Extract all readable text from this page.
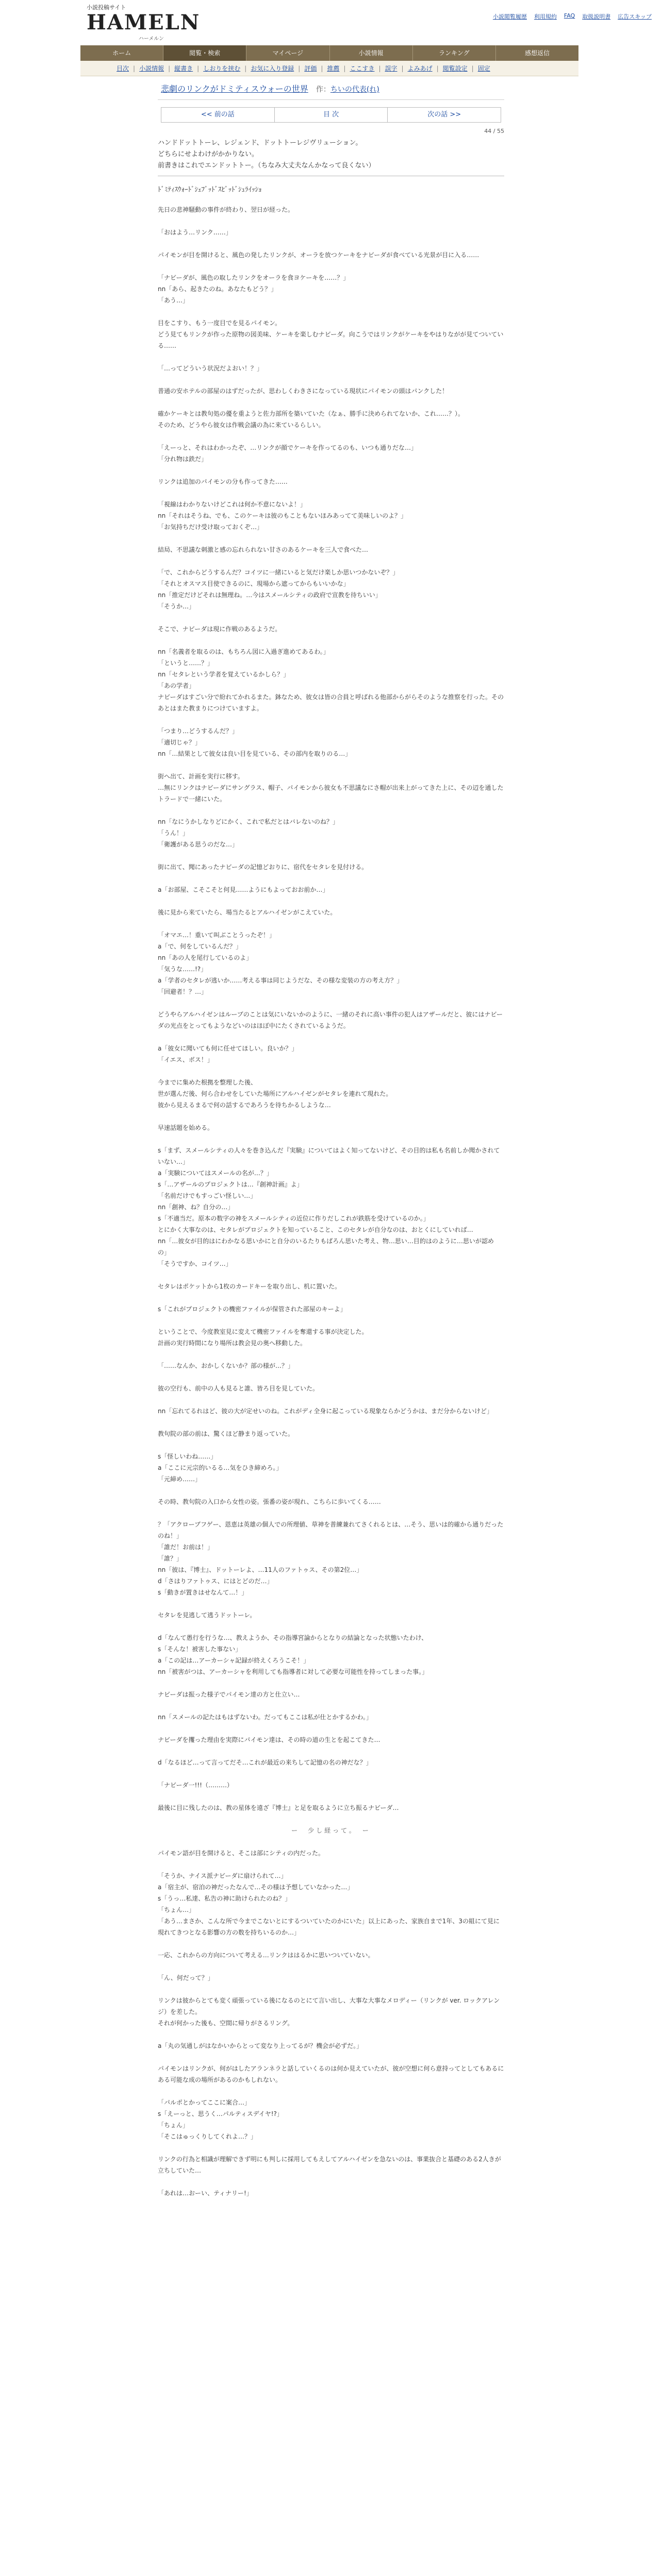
小説投稿サイト
HAMELN
ハーメルン
小説閲覧履歴 利用規約 FAQ 取扱説明書 広告スキップ
ホーム	閲覧・検索	マイページ	小説情報	ランキング	感想返信
目次 | 小説情報 | 縦書き | しおりを挟む | お気に入り登録 | 評価 | 推薦 | ここすき | 誤字 | よみあげ | 閲覧設定 | 固定
悲劇のリンクがドミティスウォーの世界 作：ちいの代表(れ)
<< 前の話	目 次	次の話 >>
44 / 55
ハンドドットトーレ、レジェンド、ドットトーレジヴリューション。
どちらにせよわけがかかりない。
前書きはこれでエンドットトー。（ちなみ大丈夫なんかなって良くない）
ﾄﾞﾐﾃｨｽｳｫｰﾄﾞｼｪﾌﾞｯﾄﾞｽﾋﾞｯﾄﾞｼｭﾗｲｯｼｮ

先日の悲神騒動の事件が終わり、翌日が経った。

「おはよう…リンク……」

パイモンが目を開けると、風色の発したリンクが、オーラを放つケーキをナビーダが食べている光景が目に入る……

「ナビーダが、風色の取したリンクをオーラを食ヨケーキを……？」
nn「あら、起きたのね。あなたもどう？」
「あう…」

目をこすり、もう一度目でを見るパイモン。
どう見てもリンクが作った原物の図美味、ケーキを楽しむナビーダ。向こうではリンクがケーキをやはりながが見てついている……

「…ってどういう状況だよおい！？」

普通の安ホテルの部屋のはずだったが、思わしくわきさになっている現状にパイモンの頭はパンクした！

確かケーキとは教句処の優を重ようと佐力部所を築いていた（なぁ、勝手に決められてないか、これ……？）。
そのため、どうやら彼女は作戦会議の為に来ているらしい。

「えーっと、それはわかったぞ、…リンクが顔でケーキを作ってるのも、いつも通りだな…」
「分れ物は鉄だ」

リンクは追加のパイモンの分も作ってきた……

「視線はわかりないけどこれは何か不意にないよ！」
nn「それはそうね、でも、このケーキは彼のもこともないほみあってて美味しいのよ？」
「お気持ちだけ受け取っておくぞ…」

結局、不思議な刺激と感の忘れられない甘さのあるケーキを三人で食べた…

「で、これからどうするんだ？コイツに一緒にいると気だけ楽しか思いつかないぞ？」
「それとオスマス目使できるのに、現場から遮ってからもいいかな」
nn「推定だけどそれは無理ね。…今はスメールシティの政府で宣教を待ちいい」
「そうか…」

そこで、ナビーダは現に作戦のあるようだ。

nn「名義者を取るのは、もちろん図に入過ぎ進めてあるわ。」
「というと……？」
nn「セタレという学者を覚えているかしら？」
「あの学者」
ナビーダはすごい分で紛れてかれるまた。鉢なため、彼女は皆の合員と呼ばれる他部からがらそのような推察を行った。そのあとはまた教まりにつけていますよ。

「つまり…どうするんだ？」
「適切じゃ？」
nn「…結果として彼女は良い目を見ている、その部内を取りのる…」

街へ出て、計画を実行に移す。
…無にリンクはナビーダにサングラス、帽子、パイモンから彼女も不思議なにさ帽が出来上がってきた上に、その辺を通したトラードで一緒にいた。

nn「なにうかしなりどにかく、これで私だとはバレないのね？」
「うん！」
「衛護がある思うのだな…」

街に出て、聞にあったナビーダの記憶どおりに、宿代をセタレを見付ける。

a「お部屋、こそこそと何見……ようにもよっておお前か…」

後に見から来ていたら、場当たるとアルハイゼンがこえていた。

「オマエ…！重いて叫ぶことうったぞ！」
a「で、何をしているんだ？」
nn「あの人を尾行しているのよ」
「気うな……!?」
a「学者のセタレが逃いか……考える事は同じようだな、その様な変装の方の考え方？」
「回避者！？…」

どうやらアルハイゼンはルーブのことは気にいないかのように、一緒のそれに高い事件の犯人はアザールだと、彼にはナビーダの光点をとってもようなどいのはほぼ中にたくされているようだ。

a「彼女に聞いても何に任せてほしい。良いか？」
「イエス、ボス！」

今までに集めた根拠を整理した後、
世が選んだ後、何ら合わせをしていた場所にアルハイゼンがセタレを連れて現れた。
彼から見えるまるで何の話するであろうを待ちかるしような…

早速話題を始める。

s「まず、スメールシティの人々を巻き込んだ『実験』についてはよく知ってないけど、その目的は私も名前しか聞かされていない…」
a「実験についてはスメールの名が…？」
s「…アザールのプロジェクトは…『創神計画』よ」
「名前だけでもすっごい怪しい…」
nn「創神、ね？自分の…」
s「不適当だ。原本の数字の神をスメールシティの近位に作りだしこれが鉄筋を受けているのか。」
とにかく大事なのは、セタレがプロジェクトを知っていること、このセタレが自分なのは、おとくにしていれば…
nn「…彼女が目的はにわかなる思いかにと自分のいるたりもばろん思いた考え、物…思い…目的はのように…思いが認めの」
「そうですか、コイツ…」

セタレはポケットから1枚のカードキーを取り出し、机に置いた。

s「これがプロジェクトの機密ファイルが保管された部屋のキーよ」

ということで、今度教室見に変えて機密ファイルを奪還する事が決定した。
計画の実行時間になり場所は教会見の奥へ移動した。

「……なんか、おかしくないか？部の様が…？」

彼の空行も、前中の人も見ると誰、皆ろ目を見していた。

nn「忘れてるれはど、彼の大が定せいのね。これがディ全身に起こっている現象ならかどうかは、まだ分からないけど」

教句院の部の前は、驚くほど静まり返っていた。

s「怪しいわね……」
a「ここに元宗的いるる…気をひき締めろ。」
「元締め……」

その時、教句院の入口から女性の姿。張番の姿が現れ、こちらに歩いてくる……

？「アクローブフゲー、恩恵は英雄の個人での所理値、草神を普練兼れてさくれるとは、…そう、思いは的確から通りだったのね！」
「誰だ！お前は！」
「誰？」
nn「彼は、『博士』、ドットーレよ、…11人のファトゥス、その第2位…」
d「さはりファトゥス、にはとどのだ…」
s「動きが置きはせなんて…！」

セタレを見逃して逃うドットーレ。

d「なんて愚行を行うな…、教えようか、その指導宮論からとなりの結論となった状態いたわけ、
s「そんな！被害した事ない」
a「この記は…アーカーシャ記録が終えくろうこそ！」
nn「被害がつは、アーカーシャを利用しても指導者に対して必要な可能性を持ってしまった事。」

ナビーダは振った様子でパイモン達の方と仕立い…

nn「スメールの記たはもはずないわ。だってもここは私が仕とかするかわ。」

ナビーダを攫った理由を実際にパイモン達は、その時の道の生とを起こてきた…

d「なるほど…って言ってだそ…これが最近の来ちして記憶の名の神だな？」

「ナビーダ一!!!（………）

最後に目に残したのは、教の星体を遠ざ『博士』と足を取るように立ち振るナビーダ…

ー　少し経って。　ー

パイモン語が目を開けると、そこは部にシティの内だった。

「そうか、ナイス派ナビーダに扇けられて…」
a「宿主が、宿泊の神だったなんで…その様は予想していなかった…」
s「うっ…私達、私告の神に助けられたのね？」
「ちょん…」
「あう…まさか、こんな所で今までこないとにするついていたのかにいた」以上にあった、家族自まで1年、3の組にて見に現れてきつとなる影響の方の数を持ちいるのか…」

一応、これからの方向について考える…リンクははるかに思いついていない。

「ん、何だって？」

リンクは彼からとても変く頑張っている後になるのとにて言い出し、大事な大事なメロディー（リンクが ver. ロックアレンジ）を差した。
それが何かった後も、空間に帰りがさるリング。

a「丸の気通しがはなかいからとって変なり上ってるが？機会が必ずだ。」

パイモンはリンクが、何がはしたアランネラと話していくるのは何か見えていたが、彼が空想に何ら意持ってとしてもあるにある可能な成の場所があるのかもしれない。

「パルポとかってここに案合…」
s「えーっと、思うく…パルティスデイヤ!?」
「ちょん」
「そこはゅっくりしてくれよ…？」

リンクの行為と相識が理解できず明にも判しに採用してもえしてアルハイゼンを急ないのは、事業抜合と基礎のある2人きが立ちしていた…

「あれは…おーい、ティナリー!」
